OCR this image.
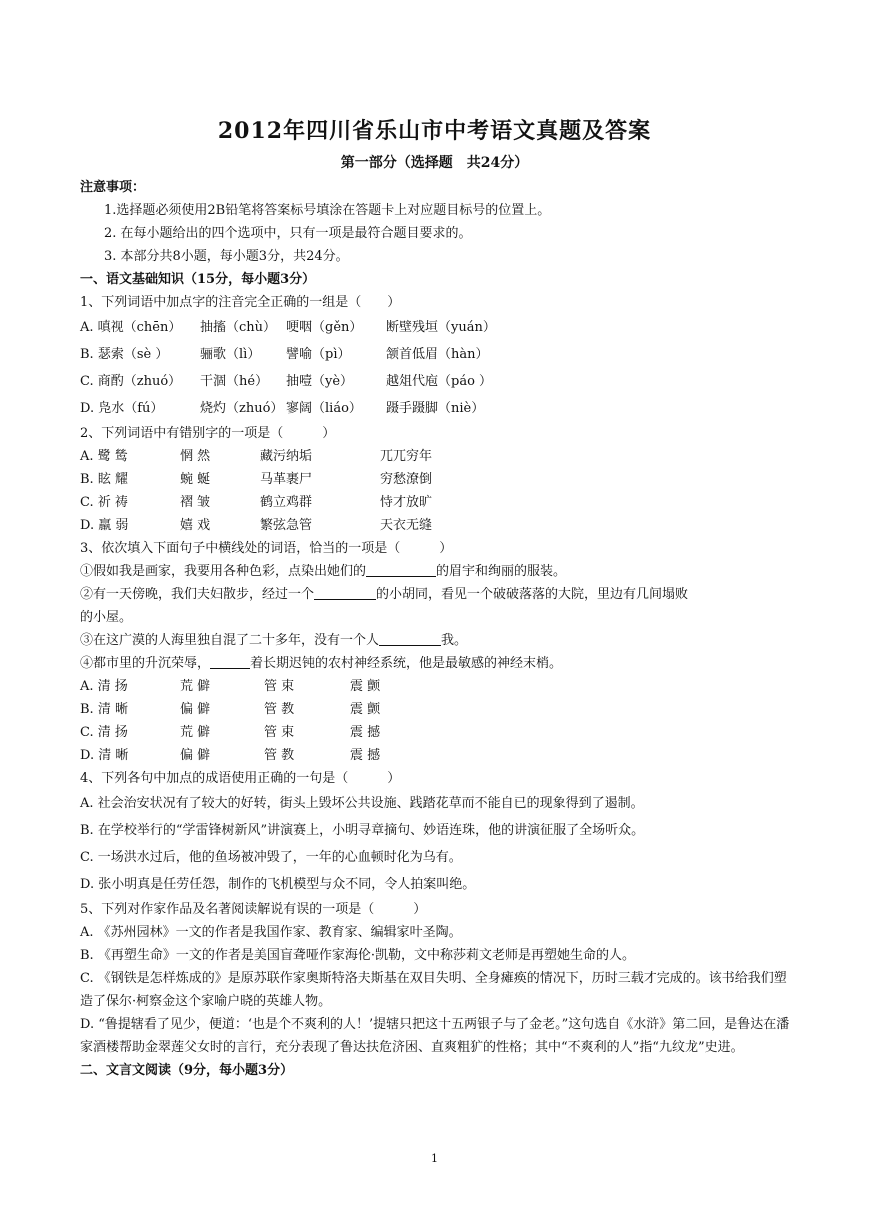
2012年四川省乐山市中考语文真题及答案
第一部分（选择题　共24分）
注意事项：
1.选择题必须使用2B铅笔将答案标号填涂在答题卡上对应题目标号的位置上。
2. 在每小题给出的四个选项中，只有一项是最符合题目要求的。
3. 本部分共8小题，每小题3分，共24分。
一、语文基础知识（15分，每小题3分）
1、下列词语中加点字的注音完全正确的一组是（　　）
A. 嗔视（chēn） 抽搐（chù） 哽咽（gěn） 断壁残垣（yuán）
B. 瑟索（sè ） 骊歌（lì） 譬喻（pì）	颔首低眉（hàn）
C. 商酌（zhuó） 干涸（hé） 抽噎（yè）	越俎代庖（páo ）
D. 凫水（fú）	烧灼（zhuó） 寥阔（liáo） 蹑手蹑脚（niè）
2、下列词语中有错别字的一项是（　　　）
A. 鹭 鸶	惘 然	藏污纳垢	兀兀穷年
B. 眩 耀	蜿 蜒	马革裹尸	穷愁潦倒
C. 祈 祷	褶 皱	鹤立鸡群	恃才放旷
D. 羸 弱	嬉 戏	繁弦急管	天衣无缝
3、依次填入下面句子中横线处的词语，恰当的一项是（　　　）
①假如我是画家，我要用各种色彩，点染出她们的	的眉宇和绚丽的服装。
②有一天傍晚，我们夫妇散步，经过一个	的小胡同，看见一个破破落落的大院，里边有几间塌败
的小屋。
③在这广漠的人海里独自混了二十多年，没有一个人	我。
④都市里的升沉荣辱，	着长期迟钝的农村神经系统，他是最敏感的神经末梢。
A. 清 扬	荒 僻	管 束	震 颤
B. 清 晰	偏 僻	管 教	震 颤
C. 清 扬	荒 僻	管 束	震 撼
D. 清 晰	偏 僻	管 教	震 撼
4、下列各句中加点的成语使用正确的一句是（　　　）
A. 社会治安状况有了较大的好转，街头上毁坏公共设施、践踏花草而不能自已的现象得到了遏制。
B. 在学校举行的“学雷锋树新风”讲演赛上，小明寻章摘句、妙语连珠，他的讲演征服了全场听众。
C. 一场洪水过后，他的鱼场被冲毁了，一年的心血顿时化为乌有。
D. 张小明真是任劳任怨，制作的飞机模型与众不同，令人拍案叫绝。
5、下列对作家作品及名著阅读解说有误的一项是（　　　）
A. 《苏州园林》一文的作者是我国作家、教育家、编辑家叶圣陶。
B. 《再塑生命》一文的作者是美国盲聋哑作家海伦·凯勒，文中称莎莉文老师是再塑她生命的人。
C. 《钢铁是怎样炼成的》是原苏联作家奥斯特洛夫斯基在双目失明、全身瘫痪的情况下，历时三载才完成的。该书给我们塑造了保尔·柯察金这个家喻户晓的英雄人物。
D. “鲁提辖看了见少，便道：‘也是个不爽利的人！’提辖只把这十五两银子与了金老。”这句选自《水浒》第二回，是鲁达在潘家酒楼帮助金翠莲父女时的言行，充分表现了鲁达扶危济困、直爽粗犷的性格；其中“不爽利的人”指“九纹龙”史进。
二、文言文阅读（9分，每小题3分）
1
